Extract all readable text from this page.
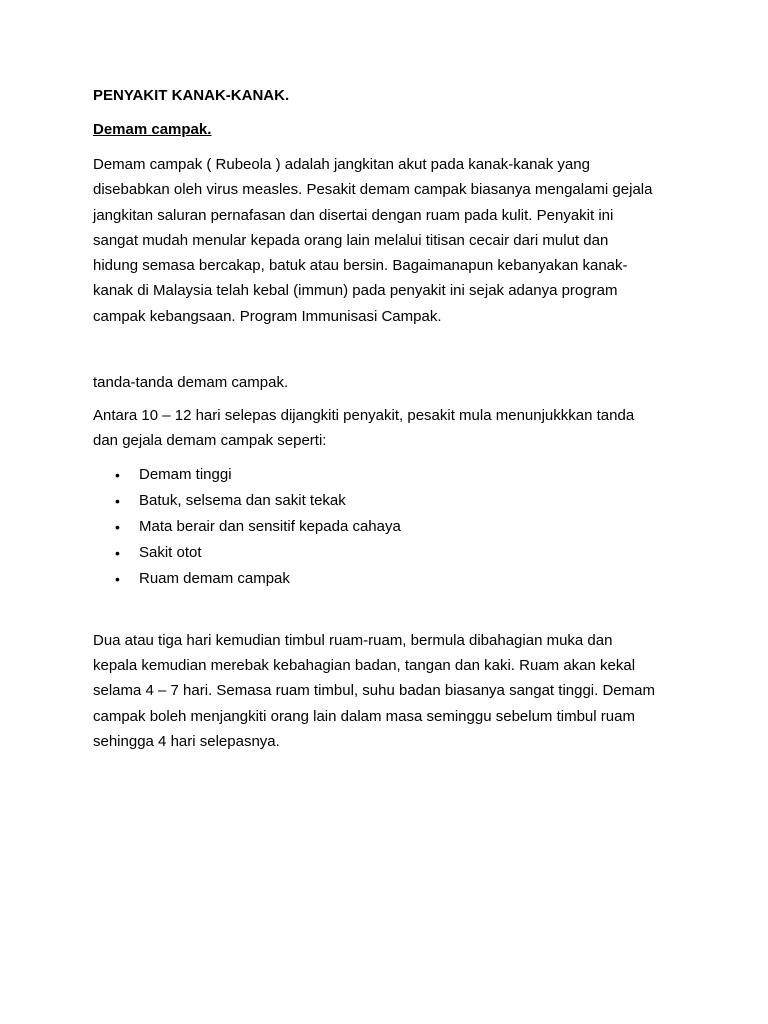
PENYAKIT KANAK-KANAK.
Demam campak.
Demam campak ( Rubeola ) adalah jangkitan akut pada kanak-kanak yang
disebabkan oleh virus measles. Pesakit demam campak biasanya mengalami gejala
jangkitan saluran pernafasan dan disertai dengan ruam pada kulit. Penyakit ini
sangat mudah menular kepada orang lain melalui titisan cecair dari mulut dan
hidung semasa bercakap, batuk atau bersin. Bagaimanapun kebanyakan kanak-
kanak di Malaysia telah kebal (immun) pada penyakit ini sejak adanya program
campak kebangsaan. Program Immunisasi Campak.
tanda-tanda demam campak.
Antara 10 – 12 hari selepas dijangkiti penyakit, pesakit mula menunjukkkan tanda
dan gejala demam campak seperti:
• Demam tinggi
• Batuk, selsema dan sakit tekak
• Mata berair dan sensitif kepada cahaya
• Sakit otot
• Ruam demam campak
Dua atau tiga hari kemudian timbul ruam-ruam, bermula dibahagian muka dan
kepala kemudian merebak kebahagian badan, tangan dan kaki. Ruam akan kekal
selama 4 – 7 hari. Semasa ruam timbul, suhu badan biasanya sangat tinggi. Demam
campak boleh menjangkiti orang lain dalam masa seminggu sebelum timbul ruam
sehingga 4 hari selepasnya.
